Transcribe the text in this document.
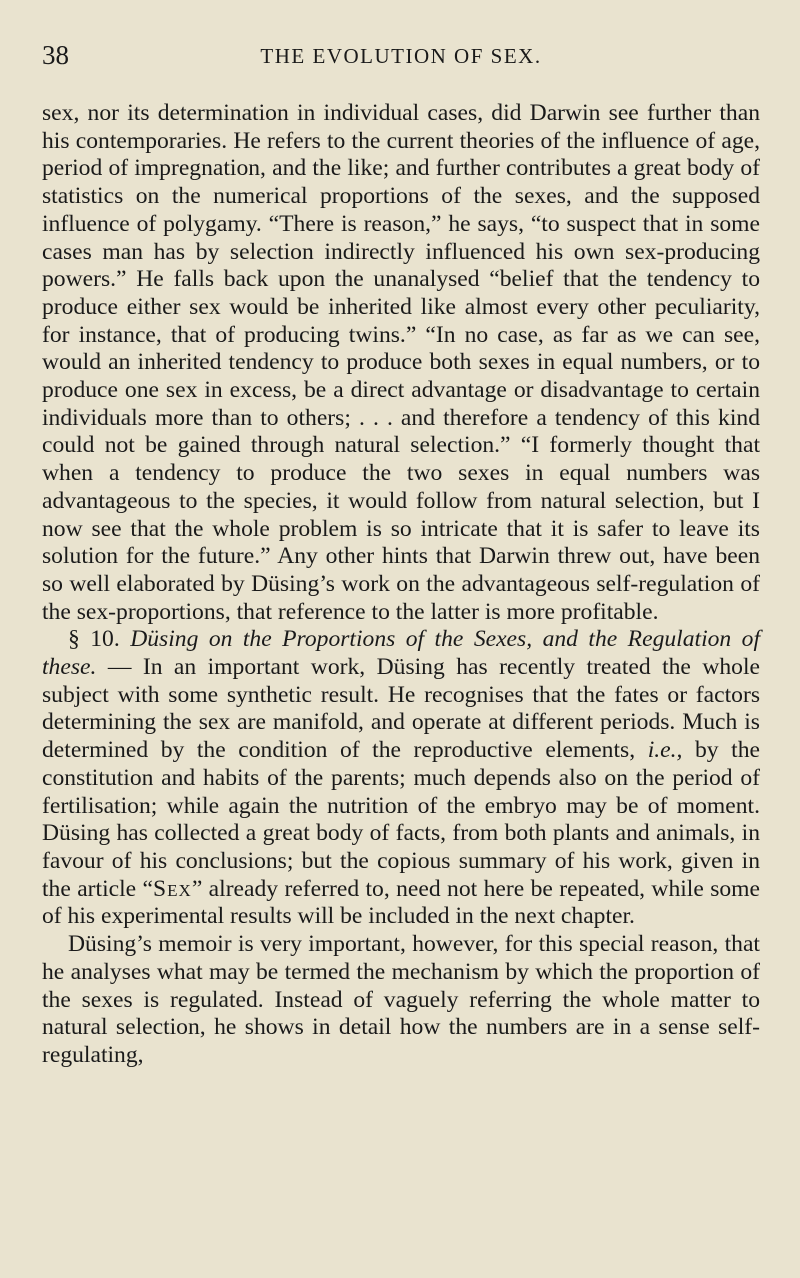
38	THE EVOLUTION OF SEX.

sex, nor its determination in individual cases, did Darwin see further than his contemporaries. He refers to the current theories of the influence of age, period of impregnation, and the like; and further contributes a great body of statistics on the numerical proportions of the sexes, and the supposed influence of polygamy. “There is reason,” he says, “to suspect that in some cases man has by selection indirectly influenced his own sex-producing powers.” He falls back upon the unanalysed “belief that the tendency to produce either sex would be inherited like almost every other peculiarity, for instance, that of producing twins.” “In no case, as far as we can see, would an inherited tendency to produce both sexes in equal numbers, or to produce one sex in excess, be a direct advantage or disadvantage to certain individuals more than to others; . . . and therefore a tendency of this kind could not be gained through natural selection.” “I formerly thought that when a tendency to produce the two sexes in equal numbers was advantageous to the species, it would follow from natural selection, but I now see that the whole problem is so intricate that it is safer to leave its solution for the future.” Any other hints that Darwin threw out, have been so well elaborated by Düsing’s work on the advantageous self-regulation of the sex-proportions, that reference to the latter is more profitable.

§ 10. Düsing on the Proportions of the Sexes, and the Regulation of these. — In an important work, Düsing has recently treated the whole subject with some synthetic result. He recognises that the fates or factors determining the sex are manifold, and operate at different periods. Much is determined by the condition of the reproductive elements, i.e., by the constitution and habits of the parents; much depends also on the period of fertilisation; while again the nutrition of the embryo may be of moment. Düsing has collected a great body of facts, from both plants and animals, in favour of his conclusions; but the copious summary of his work, given in the article “Sex” already referred to, need not here be repeated, while some of his experimental results will be included in the next chapter.

Düsing’s memoir is very important, however, for this special reason, that he analyses what may be termed the mechanism by which the proportion of the sexes is regulated. Instead of vaguely referring the whole matter to natural selection, he shows in detail how the numbers are in a sense self-regulating,
